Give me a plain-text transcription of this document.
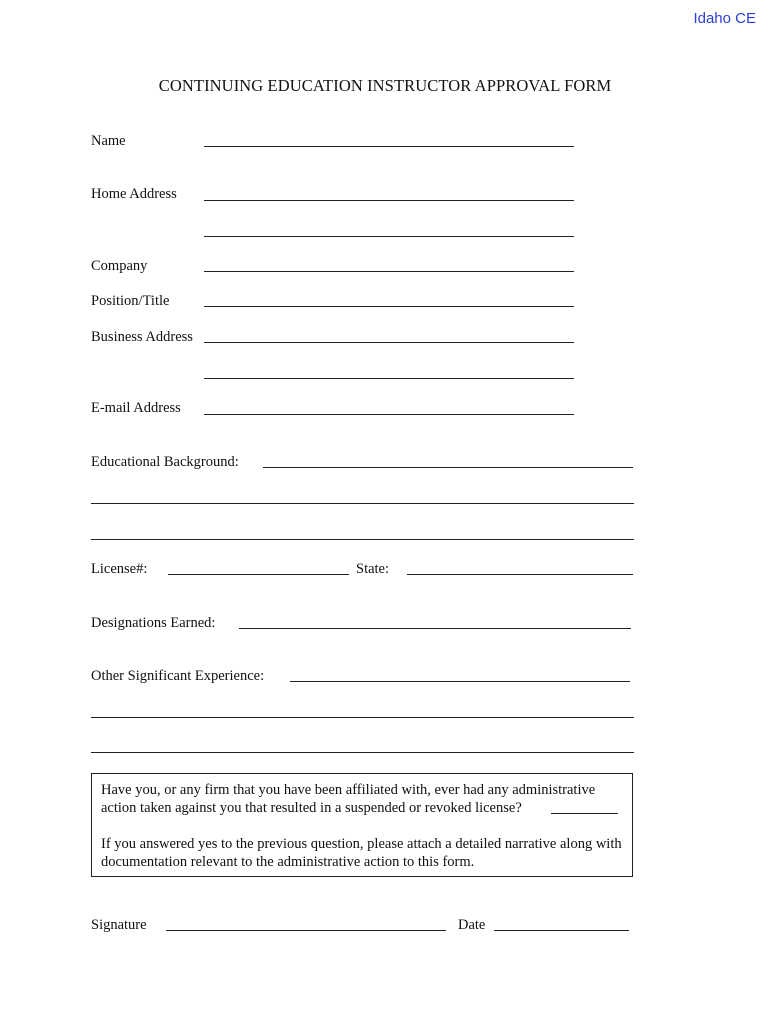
Idaho CE
CONTINUING EDUCATION INSTRUCTOR APPROVAL FORM
Name
Home Address
Company
Position/Title
Business Address
E-mail Address
Educational Background:
License#:	State:
Designations Earned:
Other Significant Experience:
Have you, or any firm that you have been affiliated with, ever had any administrative action taken against you that resulted in a suspended or revoked license?
If you answered yes to the previous question, please attach a detailed narrative along with documentation relevant to the administrative action to this form.
Signature	Date
